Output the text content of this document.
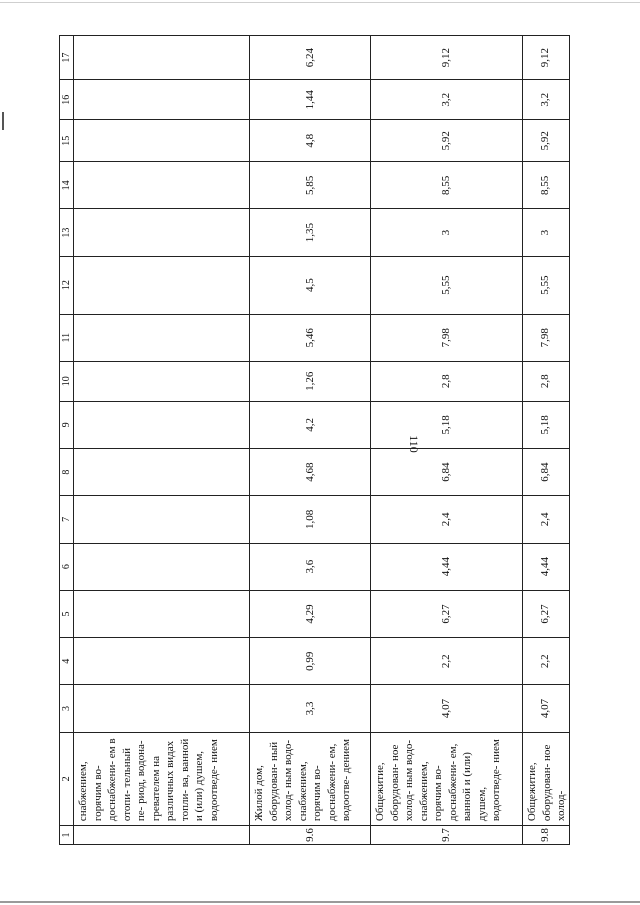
110
1	2	3	4	5	6	7	8	9	10	11	12	13	14	15	16	17
	снабжением, горячим во- доснабжени- ем в отопи- тельный пе- риод, водона- гревателем на различных видах топли- ва, ванной и (или) душем, водоотведе- нием															
9.6	Жилой дом, оборудован- ный холод- ным водо- снабжением, горячим во- доснабжени- ем, водоотве- дением	3,3	0,99	4,29	3,6	1,08	4,68	4,2	1,26	5,46	4,5	1,35	5,85	4,8	1,44	6,24
9.7	Общежитие, оборудован- ное холод- ным водо- снабжением, горячим во- доснабжени- ем, ванной и (или) душем, водоотведе- нием	4,07	2,2	6,27	4,44	2,4	6,84	5,18	2,8	7,98	5,55	3	8,55	5,92	3,2	9,12
9.8	Общежитие, оборудован- ное холод-	4,07	2,2	6,27	4,44	2,4	6,84	5,18	2,8	7,98	5,55	3	8,55	5,92	3,2	9,12
